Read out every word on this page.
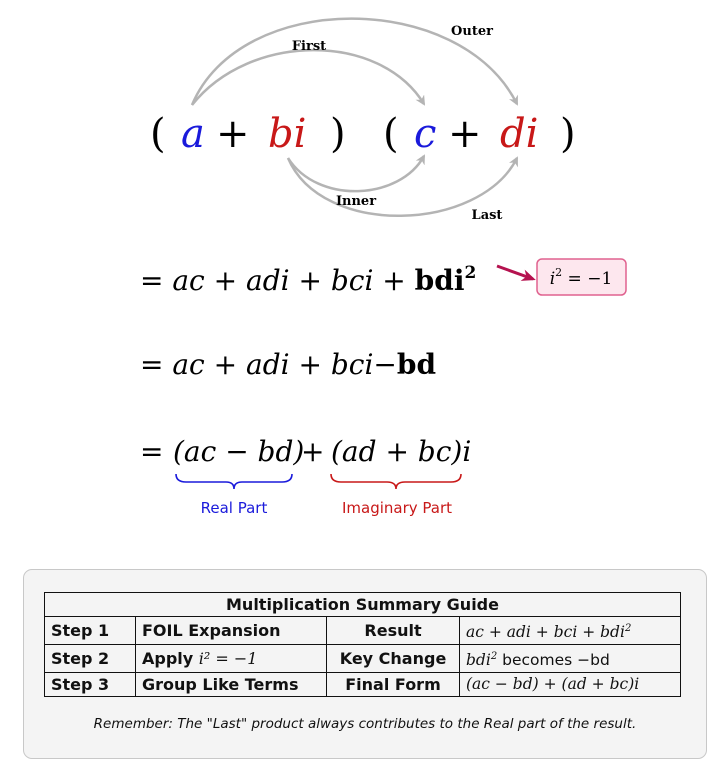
First
Outer
Inner
Last
( a + bi ) ( c + di )
= ac + adi + bci + bdi$^2$	$i^2 = -1$
= ac + adi + bci−bd
= (ac − bd)
+ (ad + bc)i
Real Part	Imaginary Part
Multiplication Summary Guide			
Step 1	FOIL Expansion	Result	ac + adi + bci + bdi$^2$
Step 2	Apply i² = −1	Key Change	bdi$^2$ becomes −bd
Step 3	Group Like Terms	Final Form	(ac − bd) + (ad + bc)i
Remember: The "Last" product always contributes to the Real part of the result.
